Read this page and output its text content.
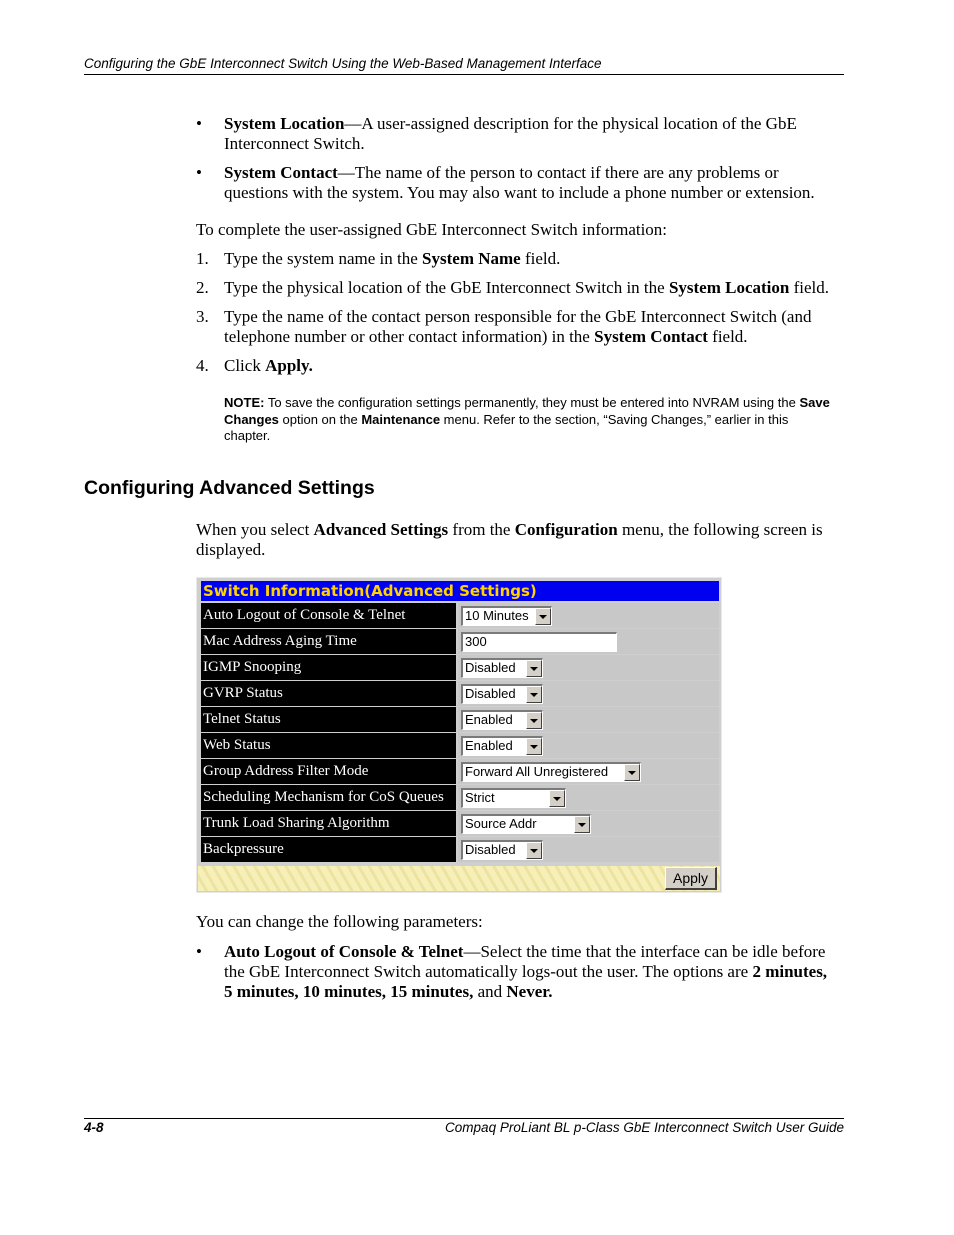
Configuring the GbE Interconnect Switch Using the Web-Based Management Interface
•	System Location—A user-assigned description for the physical location of the GbE Interconnect Switch.
•	System Contact—The name of the person to contact if there are any problems or questions with the system. You may also want to include a phone number or extension.
To complete the user-assigned GbE Interconnect Switch information:
1. Type the system name in the System Name field.
2. Type the physical location of the GbE Interconnect Switch in the System Location field.
3. Type the name of the contact person responsible for the GbE Interconnect Switch (and telephone number or other contact information) in the System Contact field.
4. Click Apply.
NOTE: To save the configuration settings permanently, they must be entered into NVRAM using the Save Changes option on the Maintenance menu. Refer to the section, “Saving Changes,” earlier in this chapter.
Configuring Advanced Settings
When you select Advanced Settings from the Configuration menu, the following screen is displayed.
Switch Information(Advanced Settings)
Auto Logout of Console & Telnet	10 Minutes
Mac Address Aging Time	300
IGMP Snooping	Disabled
GVRP Status	Disabled
Telnet Status	Enabled
Web Status	Enabled
Group Address Filter Mode	Forward All Unregistered
Scheduling Mechanism for CoS Queues	Strict
Trunk Load Sharing Algorithm	Source Addr
Backpressure	Disabled
Apply
You can change the following parameters:
•	Auto Logout of Console & Telnet—Select the time that the interface can be idle before the GbE Interconnect Switch automatically logs-out the user. The options are 2 minutes, 5 minutes, 10 minutes, 15 minutes, and Never.
4-8	Compaq ProLiant BL p-Class GbE Interconnect Switch User Guide
